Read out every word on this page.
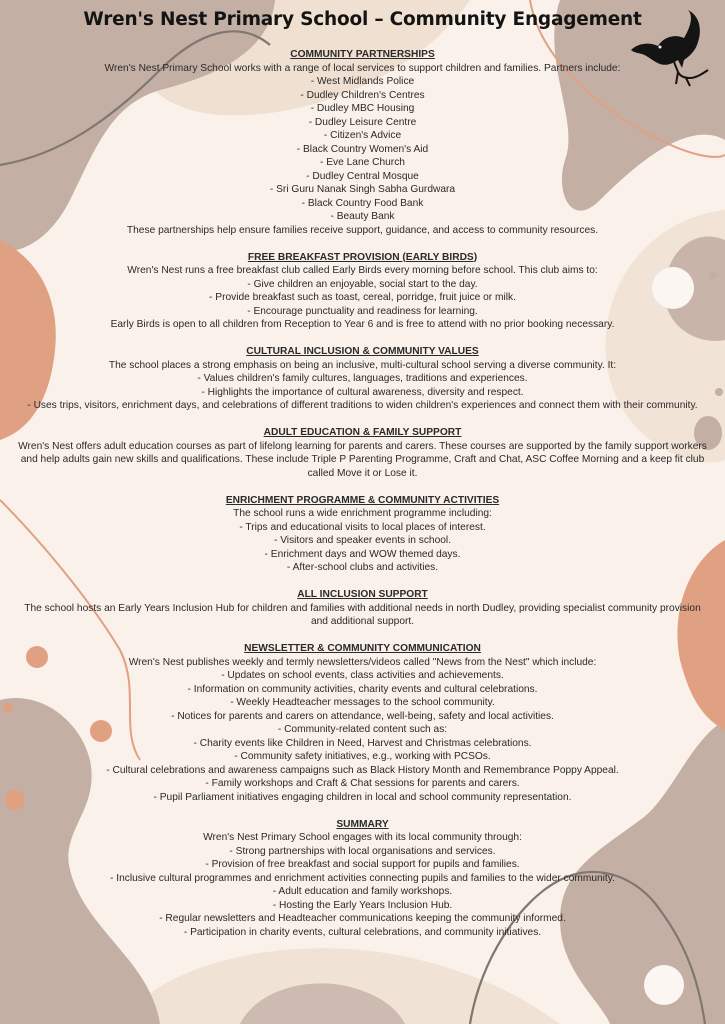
Wren's Nest Primary School – Community Engagement

COMMUNITY PARTNERSHIPS

Wren's Nest Primary School works with a range of local services to support children and families. Partners include:

- West Midlands Police

- Dudley Children's Centres

- Dudley MBC Housing

- Dudley Leisure Centre

- Citizen's Advice

- Black Country Women's Aid

- Eve Lane Church

- Dudley Central Mosque

- Sri Guru Nanak Singh Sabha Gurdwara

- Black Country Food Bank

- Beauty Bank

These partnerships help ensure families receive support, guidance, and access to community resources.

FREE BREAKFAST PROVISION (EARLY BIRDS)

Wren's Nest runs a free breakfast club called Early Birds every morning before school. This club aims to:

- Give children an enjoyable, social start to the day.

- Provide breakfast such as toast, cereal, porridge, fruit juice or milk.

- Encourage punctuality and readiness for learning.

Early Birds is open to all children from Reception to Year 6 and is free to attend with no prior booking necessary.

CULTURAL INCLUSION & COMMUNITY VALUES

The school places a strong emphasis on being an inclusive, multi-cultural school serving a diverse community. It:

- Values children's family cultures, languages, traditions and experiences.

- Highlights the importance of cultural awareness, diversity and respect.

- Uses trips, visitors, enrichment days, and celebrations of different traditions to widen children's experiences and connect them with their community.

ADULT EDUCATION & FAMILY SUPPORT

Wren's Nest offers adult education courses as part of lifelong learning for parents and carers. These courses are supported by the family support workers and help adults gain new skills and qualifications. These include Triple P Parenting Programme, Craft and Chat, ASC Coffee Morning and a keep fit club called Move it or Lose it.

ENRICHMENT PROGRAMME & COMMUNITY ACTIVITIES

The school runs a wide enrichment programme including:

- Trips and educational visits to local places of interest.

- Visitors and speaker events in school.

- Enrichment days and WOW themed days.

- After-school clubs and activities.

ALL INCLUSION SUPPORT

The school hosts an Early Years Inclusion Hub for children and families with additional needs in north Dudley, providing specialist community provision and additional support.

NEWSLETTER & COMMUNITY COMMUNICATION

Wren's Nest publishes weekly and termly newsletters/videos called "News from the Nest" which include:

- Updates on school events, class activities and achievements.

- Information on community activities, charity events and cultural celebrations.

- Weekly Headteacher messages to the school community.

- Notices for parents and carers on attendance, well-being, safety and local activities.

- Community-related content such as:

- Charity events like Children in Need, Harvest and Christmas celebrations.

- Community safety initiatives, e.g., working with PCSOs.

- Cultural celebrations and awareness campaigns such as Black History Month and Remembrance Poppy Appeal.

- Family workshops and Craft & Chat sessions for parents and carers.

- Pupil Parliament initiatives engaging children in local and school community representation.

SUMMARY

Wren's Nest Primary School engages with its local community through:

- Strong partnerships with local organisations and services.

- Provision of free breakfast and social support for pupils and families.

- Inclusive cultural programmes and enrichment activities connecting pupils and families to the wider community.

- Adult education and family workshops.

- Hosting the Early Years Inclusion Hub.

- Regular newsletters and Headteacher communications keeping the community informed.

- Participation in charity events, cultural celebrations, and community initiatives.
